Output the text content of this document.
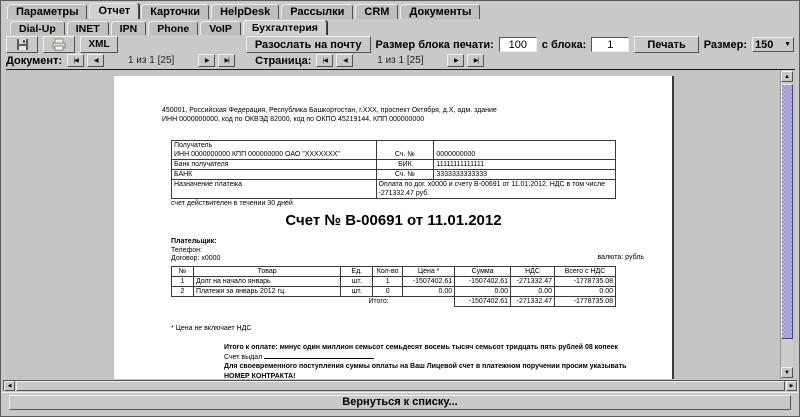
Параметры	Отчет	Карточки	HelpDesk	Рассылки	CRM	Документы
Dial-Up	INET	IPN	Phone	VoIP	Бухгалтерия
XML	Разослать на почту	Размер блока печати:
100	с блока:
1	Печать	Размер: 150 ▼
Документ:	|◀	◀	1 из 1 [25]	▶	▶|	Страница:	|◀	◀	1 из 1 [25]	▶	▶|
450001, Российская Федерация, Республика Башкортостан, г.XXX, проспект Октября, д.Х, адм. здание
ИНН 0000000000, код по ОКВЭД 82000, код по ОКПО 45219144, КПП 000000000
Получатель
ИНН 0000000000 КПП 000000000 ОАО "XXXXXXX"	Сч. №	0000000000
Банк получателя	БИК	11111111111111
БАНК	Сч. №	3333333333333
Назначение платежа	Оплата по дог. x0000 и счету В-00691 от 11.01.2012. НДС в том числе -271332.47 руб.	
счет действителен в течении 30 дней
Счет № В-00691 от 11.01.2012
Плательщик:
Телефон:
Договор: x0000	валюта: рубль
№	Товар	Ед.	Кол-во	Цена *	Сумма	НДС	Всего с НДС
1	Долг на начало январь	шт.	1	-1507402.61	-1507402.61	-271332.47	-1778735.08
2	Платежи за январь 2012 гц.	шт.	0	0.00	0.00	0.00	0.00
Итого:					-1507402.61	-271332.47	-1778735.08
* Цена не включает НДС
Итого к оплате: минус один миллион семьсот семьдесят восемь тысяч семьсот тридцать пять рублей 08 копеек
Счет выдал
Для своевременного поступления суммы оплаты на Ваш Лицевой счет в платежном поручении просим указывать
НОМЕР КОНТРАКТА!
▲
▼
◀	▶
Вернуться к списку...
